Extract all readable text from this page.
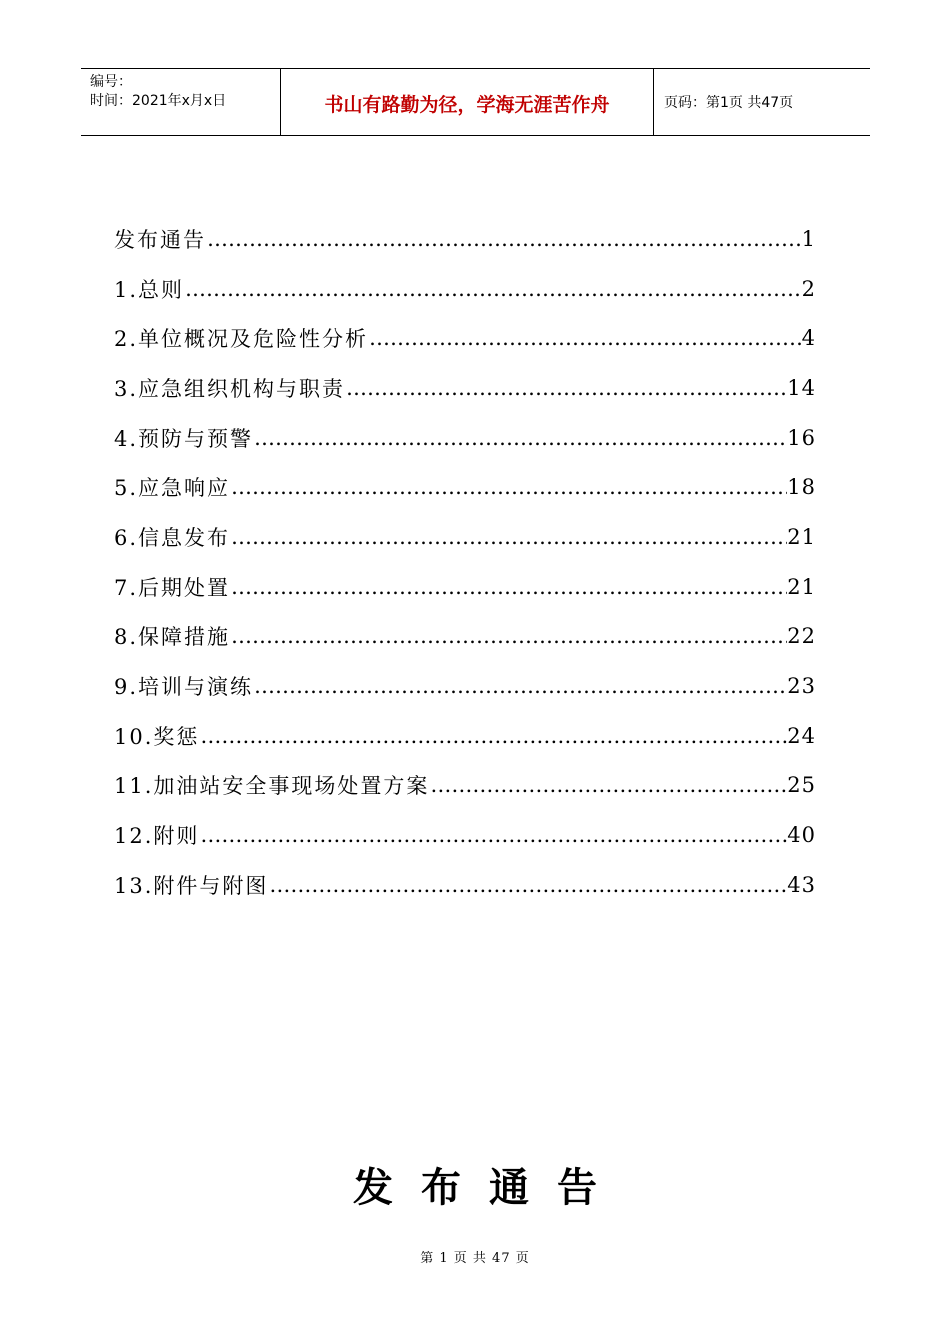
编号：
时间：2021年x月x日	书山有路勤为径，学海无涯苦作舟	页码：第1页 共47页
发布通告 …………………………………………………………………………………………………………………………………………………………………………	1
1.总则 …………………………………………………………………………………………………………………………………………………………………………	2
2.单位概况及危险性分析 …………………………………………………………………………………………………………………………………………………………………………	4
3.应急组织机构与职责 …………………………………………………………………………………………………………………………………………………………………………	14
4.预防与预警 …………………………………………………………………………………………………………………………………………………………………………	16
5.应急响应 …………………………………………………………………………………………………………………………………………………………………………	18
6.信息发布 …………………………………………………………………………………………………………………………………………………………………………	21
7.后期处置 …………………………………………………………………………………………………………………………………………………………………………	21
8.保障措施 …………………………………………………………………………………………………………………………………………………………………………	22
9.培训与演练 …………………………………………………………………………………………………………………………………………………………………………	23
10.奖惩 …………………………………………………………………………………………………………………………………………………………………………	24
11.加油站安全事现场处置方案 …………………………………………………………………………………………………………………………………………………………………………	25
12.附则 …………………………………………………………………………………………………………………………………………………………………………	40
13.附件与附图 …………………………………………………………………………………………………………………………………………………………………………	43
发布通告
第 1 页 共 47 页
